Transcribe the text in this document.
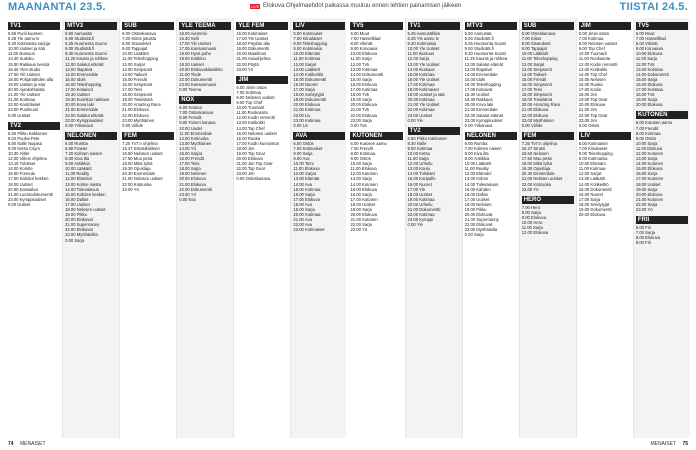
MAANANTAI 23.5.	LIVE Elokuva Ohjelmaehdot paikassa muutuu ennen lehtien painamisen jälkeen	TIISTAI 24.5.
TV1

5.55 Puoli kuuteen

6.25 Yle aamu tv

9.30 Kotimaisia sarjoja

10.00 Uutiset ja sää

11.00 Ikuisuus

13.40 Sudoku

15.00 Rakkaus tvessä

16.45 Ylen studio

17.00 Yle Uutiset

18.00 Pohjantähden alla

19.00 Uutiset ja sää

20.00 Ajankohtaista

21.00 Yle Uutiset

21.05 Kotimaa

22.00 Kantrilaiset

23.00 Puolinuori

0.00 Uutiset

TV2

6.50 Pikku Kakkonen

8.04 Puuha-Pete

8.50 Nalle Nuijasa

9.00 Ketsu Citym

10.30 Hitler

12.00 Viikon ohjelma

13.15 Tulokset

14.00 Koriste

16.00 Formula

17.00 Kahden kesken

18.00 Uutiset

20.00 Kassailua

21.00 Luontodokumentti

23.00 Kymppiuutiset

0.00 Uutiset

MTV3

5.50 Aamusää

6.00 Studio55.fi

6.25 Huomenta Suomi

9.00 Studio55.fi

9.30 Huomenta Suomi

11.25 Kaunis ja rohkea

12.00 Salatut elämät

13.00 Iltapäivä

14.00 Emmerdale

15.00 Idols

16.00 Teleshopping

17.00 Kotiaivot

18.30 Uutiset

19.30 Kuorikun rakkaus

20.00 Kova laki

21.00 Emmerdale

22.00 Salatut elämät

23.00 Kymppiuutiset

0.00 Yökanava

NELONEN

6.00 Rumba

6.50 Frasier

7.20 Kolmen naisen

8.00 Kiva ilta

9.00 Antiikkia

10.00 Lääkärit

11.00 Reality

12.00 Elämäni

13.00 Kolme naista

14.00 Tulevaisuus

15.00 Kahden kesken

16.00 Dallas

17.00 Uutiset

18.00 Nelosen uutiset

19.00 Pikku

20.00 Elokuvat

21.00 Supernanny

22.00 Elokuvat

23.00 Myöhäisilta

0.00 Sarja

SUB

6.00 Ostoskanava

7.00 Kiitos jutuista

8.00 Sisarukset

9.00 Tappajat

10.00 Lääkärit

11.00 Teleshopping

12.00 Sarjat

13.00 Simpsonit

14.00 Taikurit

15.00 Frendit

16.00 Simpsonit

17.00 Teini

18.00 Simpsonit

19.00 Tosielämä

20.00 Amazing Race

21.00 Elokuva

22.00 Elokuva

23.00 Myöhäinen

0.00 Viihde

FEM

7.25 Tv7:n ohjelma

15.37 Strutsikokkien

16.50 Nelosen uutiset

17.50 Muu pesä

18.00 Mikä tylsä

19.30 Opustaja

20.30 Emmerdale

21.00 Nelosen uutiset

22.00 Kotiruoka

23.00 Yö

YLE TEEMA

16.00 Aiemmin

16.30 Selli

17.00 Yle Uutiset

17.05 Kansanmuusi

18.00 Hyvä puhe

19.00 Kotikino

19.30 Uutiset

20.00 Elokuvaklassikko

21.00 Tiede

22.00 Dokumentti

23.00 Kansanmuusi

0.00 Teema

NOX

6.00 Kotona

7.00 Ostoskanava

8.00 Frendit

9.00 Toinen kanava

10.00 Uudet

11.00 Emmerdale

12.00 Kotiruoka

13.00 Myöhäinen

14.00 Yö

15.00 Sarjat

16.00 Frendit

17.00 Teini

18.00 Sarja

19.00 Nelonen

20.00 Elokuva

21.00 Elokuva

22.00 Dokumentti

23.00 Yö

0.00 Nox

YLE FEM

16.00 Kotimaiset

17.00 Yle Uutiset

18.00 Pöydän alla

19.00 Dokumentti

20.00 Maailman

21.00 Asiaohjelma

22.00 Pöytä

23.00 Yö

JIM

6.00 Jimin ostos

7.00 Kotimaa

8.00 Nelosen uutiset

9.00 Top Chef

10.00 Tuomarit

11.00 Ruokasota

12.00 Kodin remontti

13.00 Kotikokki

14.00 Top Chef

15.00 Nelosen uutiset

16.00 Ruoka

17.00 Kodin kunnostus

18.00 Jim

19.00 Top Gear

20.00 Elokuva

21.00 Jim Top Gear

22.00 Top Gear

23.00 Jim

0.00 Ostoskanava

LIV

6.00 Kotimaiset

7.00 Kiinalaiset

8.00 Teleshopping

9.00 Kotimaisia

10.00 Elämäni

11.00 Kotimaa

12.00 Sarjat

13.00 Lääkärit

14.00 Kotikeittiö

15.00 Dokumentti

16.00 Nuoret

17.00 Sarja

18.00 Selviytyjät

19.00 Dokumentti

20.00 Elokuva

21.00 Kotimaa

22.00 Liv

23.00 Kotimaa

0.00 Liv

AVA

6.00 Ostos

7.00 Kotimaiset

8.00 Sarja

9.00 Ava

10.00 Teini

11.00 Elokuva

12.00 Sarjat

13.00 Elämää

14.00 Ava

15.00 Kotimaa

16.00 Sarja

17.00 Elokuva

18.00 Ava

19.00 Sarja

20.00 Kotimaa

21.00 Ava

22.00 Ava

23.00 Kotimaiset

TV5

6.00 Muut

7.00 Hasselblad

8.00 Vikinät

9.00 Korvaava

10.00 Elokuva

11.00 Sarja

12.00 Tv5

13.00 Kotimaa

14.00 Dokumentti

15.00 Sarja

16.00 Elokuva

17.00 Kotimaa

18.00 Tv5

19.00 Sarja

20.00 Elokuva

21.00 Tv5

22.00 Elokuva

23.00 Sarja

0.00 Tv5

KUTONEN

6.00 Kutosen aamu

7.00 Frendit

8.00 Kotimaa

9.00 Ostos

10.00 Sarja

11.00 Elokuva

12.00 Kutonen

13.00 Sarja

14.00 Kutonen

15.00 Elokuva

16.00 Sarja

17.00 Kutonen

18.00 Uutiset

19.00 Sarja

20.00 Elokuva

21.00 Kutonen

22.00 Sarja

23.00 Yö

TV1

5.45 Aamusähkiä

6.25 Yle aamu tv

9.30 Kotimaisia

10.00 Yle Uutiset

11.00 Ikuisuus

12.00 Sarja

13.00 Yle Uutiset

14.00 Ikuisuus

15.00 Kotimaa

16.00 Yle Uutiset

17.00 Kotimaa

18.00 Kotimaiset

19.00 Uutiset ja sää

20.00 Kotimaa

21.00 Yle Uutiset

22.00 Kotimaa

23.00 Uutiset

0.00 Yle

TV2

6.50 Pikku Kakkonen

8.30 Nalle

9.00 Kotimaa

10.00 Ketsu

11.00 Sarja

12.00 Urheilu

13.00 Koulu

14.00 Tulokset

15.00 Koripallo

16.00 Nuoret

17.00 Yle

18.00 Uutiset

19.00 Kotimaa

20.00 Urheilu

21.00 Dokumentti

22.00 Kotimaa

23.00 Kymppi

0.00 Yle

MTV3

5.50 Aamusää

6.00 Studio55.fi

6.25 Huomenta Suomi

9.00 Studio55.fi

9.30 Huomenta Suomi

11.25 Kaunis ja rohkea

12.00 Salatut elämät

13.00 Iltapäivä

14.00 Emmerdale

15.00 Idols

16.00 Teleshopping

17.00 Kotiaivot

18.30 Uutiset

19.30 Rakkaus

20.00 Kova laki

21.00 Emmerdale

22.00 Salatut elämät

23.00 Kymppiuutiset

0.00 Yökanava

NELONEN

6.00 Rumba

7.00 Kolmen naisen

8.00 Kiva ilta

9.00 Antiikkia

10.00 Lääkärit

11.00 Reality

12.00 Elämäni

13.00 Kolme

14.00 Tulevaisuus

15.00 Kahden

16.00 Dallas

17.00 Uutiset

18.00 Nelosen

19.00 Pikku

20.00 Elokuvat

21.00 Supernanny

22.00 Elokuvat

23.00 Myöhäisilta

0.00 Sarja

SUB

6.00 Ostoskanava

7.00 Kiitos

8.00 Sisarukset

9.00 Tappajat

10.00 Lääkärit

11.00 Teleshopping

12.00 Sarjat

13.00 Simpsonit

14.00 Taikurit

15.00 Frendit

16.00 Simpsonit

17.00 Teini

18.00 Simpsonit

19.00 Tosielämä

20.00 Amazing Race

21.00 Elokuva

22.00 Elokuva

23.00 Myöhäinen

0.00 Viihde

FEM

7.25 Tv7:n ohjelma

15.37 Strutsi

16.50 Nelosen

17.50 Muu pesä

18.00 Mikä tylsä

19.30 Opustaja

20.30 Emmerdale

21.00 Nelosen uutiset

22.00 Kotiruoka

23.00 Yö

HERO

7.00 Hero

8.00 Sarja

9.00 Elokuva

10.00 Hero

11.00 Sarja

12.00 Elokuva

JIM

6.00 Jimin ostos

7.00 Kotimaa

8.00 Nelosen uutiset

9.00 Top Chef

10.00 Tuomarit

11.00 Ruokasota

12.00 Kodin remontti

13.00 Kotikokki

14.00 Top Chef

15.00 Nelosen

16.00 Ruoka

17.00 Kodin

18.00 Jim

19.00 Top Gear

20.00 Elokuva

21.00 Jim

22.00 Top Gear

23.00 Jim

0.00 Ostos

LIV

6.00 Kotimaiset

7.00 Kiinalaiset

8.00 Teleshopping

9.00 Kotimaisia

10.00 Elämäni

11.00 Kotimaa

12.00 Sarjat

13.00 Lääkärit

14.00 Kotikeittiö

15.00 Dokumentti

16.00 Nuoret

17.00 Sarja

18.00 Selviytyjät

19.00 Dokumentti

20.00 Elokuva

TV5

6.00 Muut

7.00 Hasselblad

8.00 Vikinät

9.00 Korvaava

10.00 Elokuva

11.00 Sarja

12.00 Tv5

13.00 Kotimaa

14.00 Dokumentti

15.00 Sarja

16.00 Elokuva

17.00 Kotimaa

18.00 Tv5

19.00 Sarja

20.00 Elokuva

KUTONEN

6.00 Kutosen aamu

7.00 Frendit

8.00 Kotimaa

9.00 Ostos

10.00 Sarja

11.00 Elokuva

12.00 Kutonen

13.00 Sarja

14.00 Kutonen

15.00 Elokuva

16.00 Sarja

17.00 Kutonen

18.00 Uutiset

19.00 Sarja

20.00 Elokuva

21.00 Kutonen

22.00 Sarja

23.00 Yö

FRII

6.00 Frii

7.00 Sarja

8.00 Elokuva

9.00 Frii

74 MENAISET	MENAISET 75
